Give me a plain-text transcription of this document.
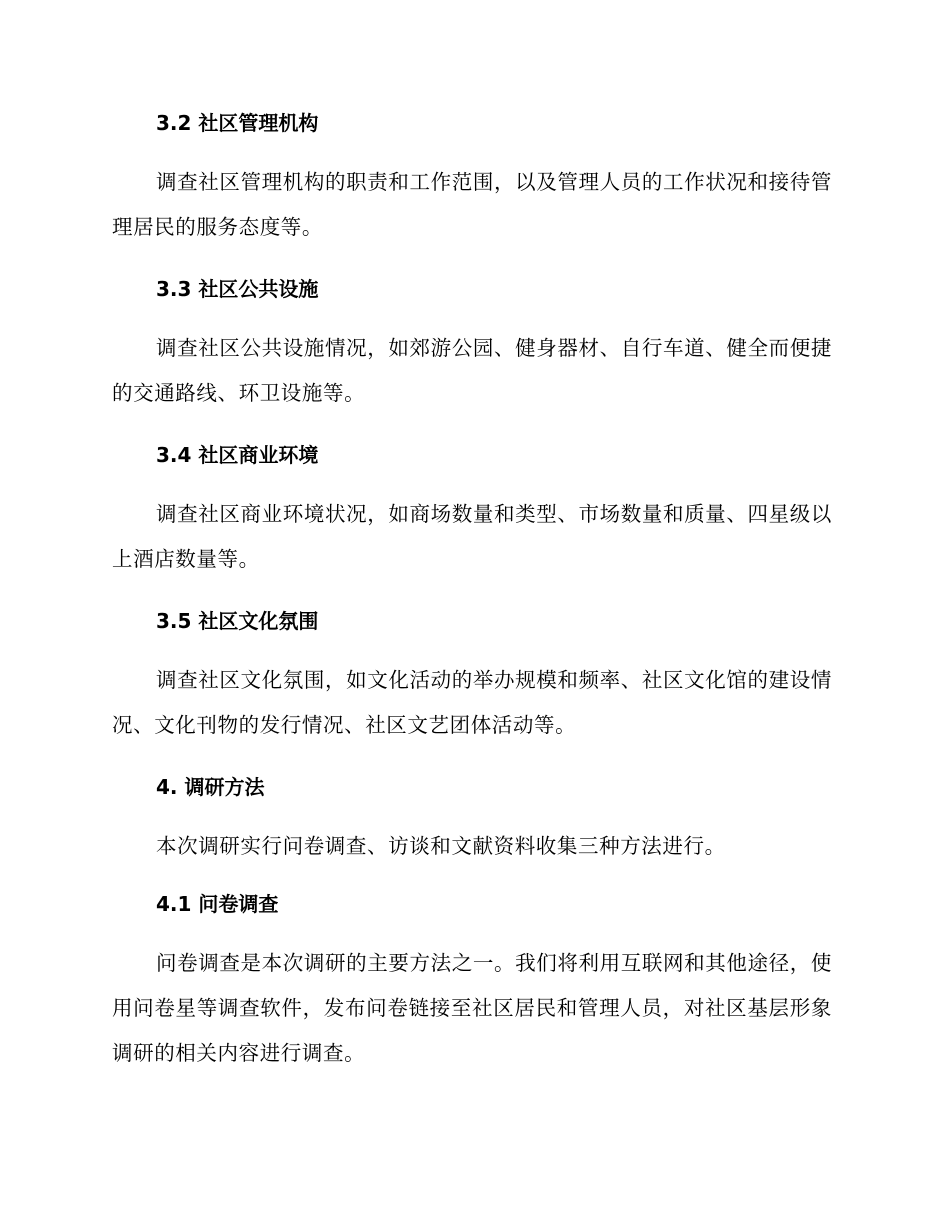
3.2 社区管理机构

调查社区管理机构的职责和工作范围，以及管理人员的工作状况和接待管理居民的服务态度等。

3.3 社区公共设施

调查社区公共设施情况，如郊游公园、健身器材、自行车道、健全而便捷的交通路线、环卫设施等。

3.4 社区商业环境

调查社区商业环境状况，如商场数量和类型、市场数量和质量、四星级以上酒店数量等。

3.5 社区文化氛围

调查社区文化氛围，如文化活动的举办规模和频率、社区文化馆的建设情况、文化刊物的发行情况、社区文艺团体活动等。

4. 调研方法

本次调研实行问卷调查、访谈和文献资料收集三种方法进行。

4.1 问卷调查

问卷调查是本次调研的主要方法之一。我们将利用互联网和其他途径，使用问卷星等调查软件，发布问卷链接至社区居民和管理人员，对社区基层形象调研的相关内容进行调查。
